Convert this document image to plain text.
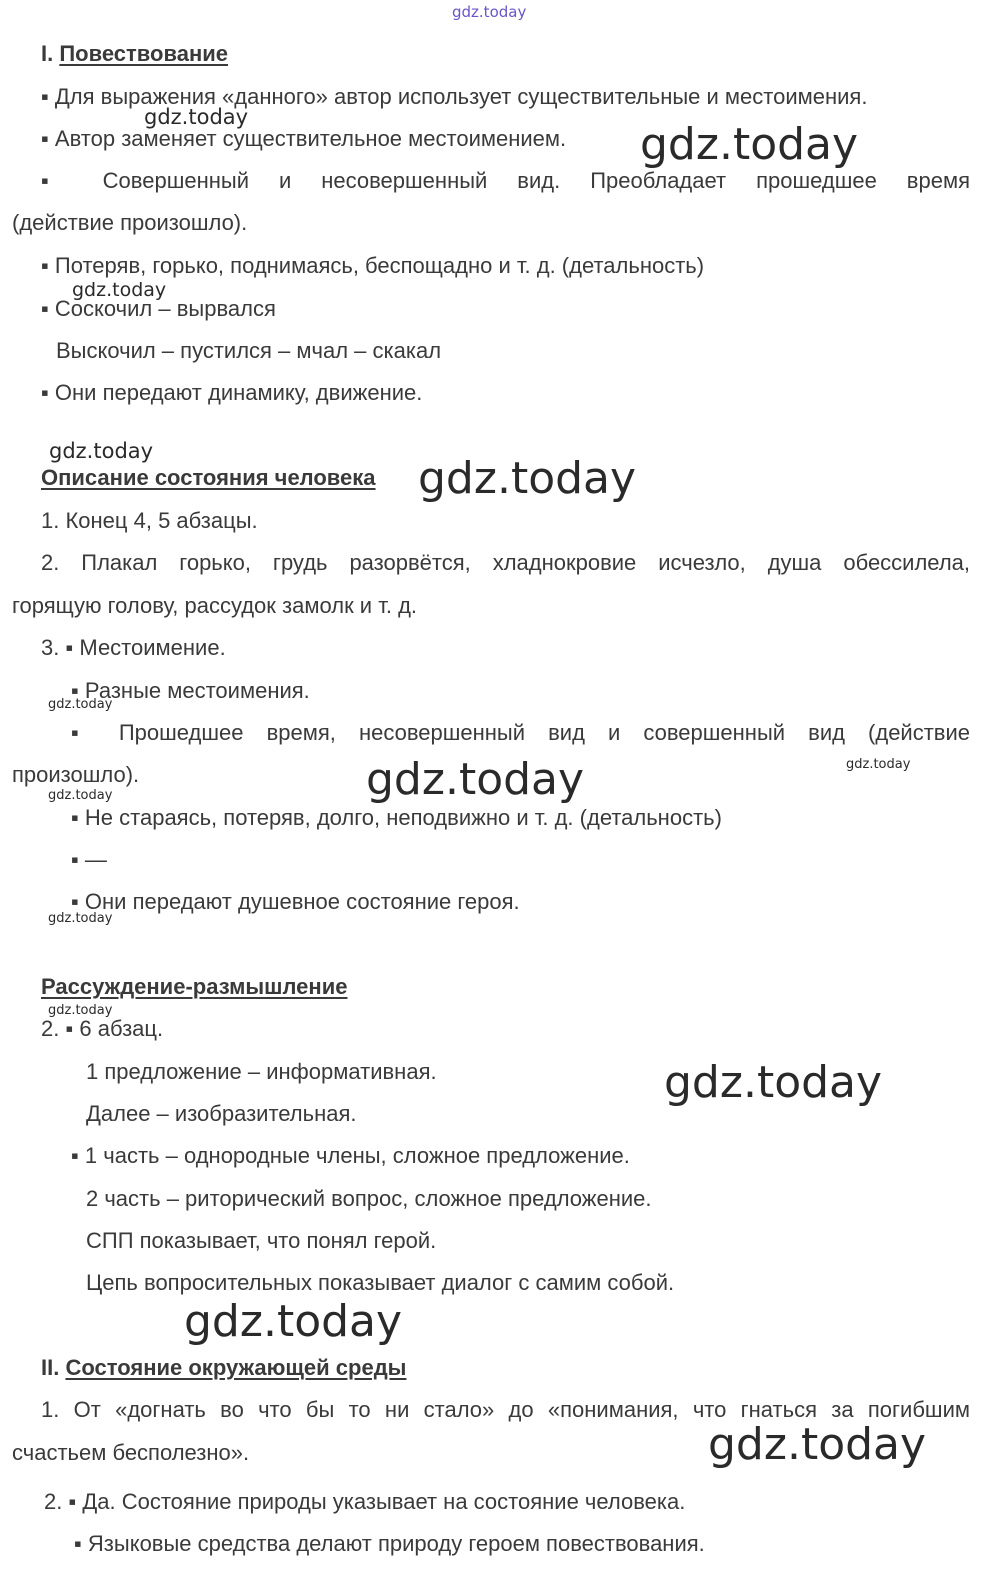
gdz.today
I. Повествование
▪ Для выражения «данного» автор использует существительные и местоимения.
▪ Автор заменяет существительное местоимением.
▪ Совершенный и несовершенный вид. Преобладает прошедшее время
(действие произошло).
▪ Потеряв, горько, поднимаясь, беспощадно и т. д. (детальность)
▪ Соскочил – вырвался
Выскочил – пустился – мчал – скакал
▪ Они передают динамику, движение.
Описание состояния человека
1. Конец 4, 5 абзацы.
2. Плакал горько, грудь разорвётся, хладнокровие исчезло, душа обессилела,
горящую голову, рассудок замолк и т. д.
3. ▪ Местоимение.
▪ Разные местоимения.
▪ Прошедшее время, несовершенный вид и совершенный вид (действие
произошло).
▪ Не стараясь, потеряв, долго, неподвижно и т. д. (детальность)
▪ —
▪ Они передают душевное состояние героя.
Рассуждение-размышление
2. ▪ 6 абзац.
1 предложение – информативная.
Далее – изобразительная.
▪ 1 часть – однородные члены, сложное предложение.
2 часть – риторический вопрос, сложное предложение.
СПП показывает, что понял герой.
Цепь вопросительных показывает диалог с самим собой.
II. Состояние окружающей среды
1. От «догнать во что бы то ни стало» до «понимания, что гнаться за погибшим
счастьем бесполезно».
2. ▪ Да. Состояние природы указывает на состояние человека.
▪ Языковые средства делают природу героем повествования.
gdz.today
gdz.today
gdz.today
gdz.today
gdz.today
gdz.today
gdz.today	gdz.today
gdz.today
gdz.today
gdz.today
gdz.today
gdz.today
gdz.today
